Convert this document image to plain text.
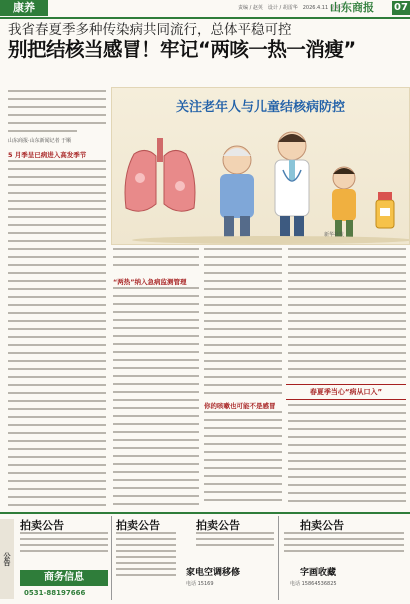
康养	责编 / 赵英　设计 / 胡雷华　2026.4.11 星期六
山东商报 07
我省春夏季多种传染病共同流行，总体平稳可控
别把结核当感冒！牢记“两咳一热一消瘦”
山东商报·山东新闻记者 于顺
关注老年人与儿童结核病防控
新华社发
5 月季呈已病进入高发季节
“两热”纳入急病监测管理
你的咳嗽也可能不是感冒
春夏季当心“病从口入”
公告
拍卖公告
商务信息
0531-88197666
拍卖公告	拍卖公告
家电空调移修
电话 15169
拍卖公告
字画收藏
电话 15864536825
